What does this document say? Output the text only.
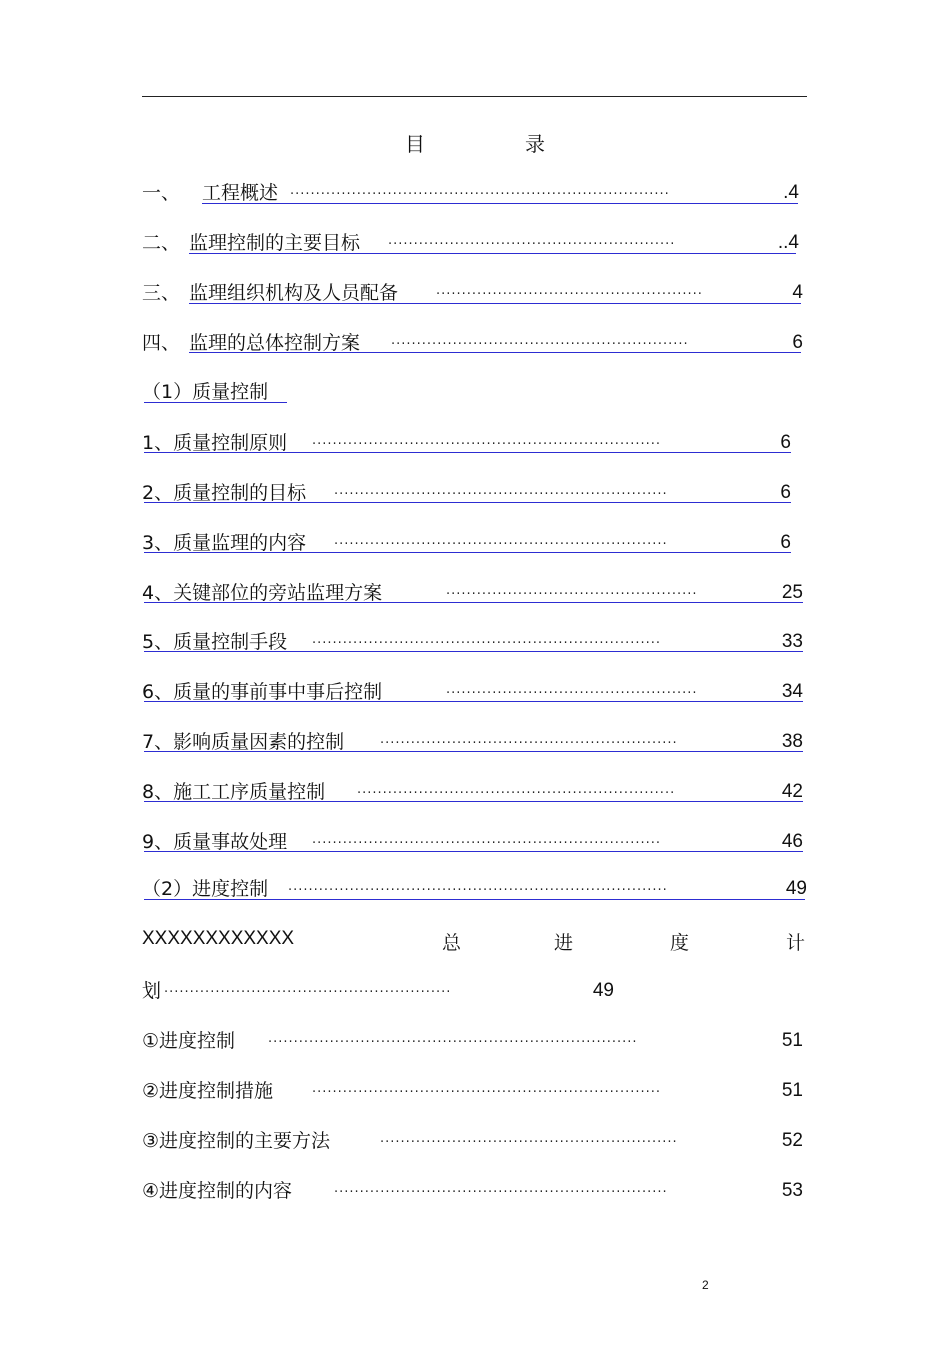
目　录
一、 工程概述 ··········································································	.4
二、 监理控制的主要目标 ························································	..4
三、 监理组织机构及人员配备	····················································	4
四、 监理的总体控制方案 ··························································	6
（1）质量控制
1、质量控制原则 ····································································	6
2、质量控制的目标 ·································································	6
3、质量监理的内容 ·································································	6
4、关键部位的旁站监理方案	·················································	25
5、质量控制手段 ····································································	33
6、质量的事前事中事后控制	·················································	34
7、影响质量因素的控制	··························································	38
8、施工工序质量控制 ······························································	42
9、质量事故处理 ····································································	46
（2）进度控制 ··········································································	49
XXXXXXXXXXXX	总	进	度	计
划 ························································	49
①进度控制	········································································	51
②进度控制措施	····································································	51
③进度控制的主要方法	··························································	52
④进度控制的内容	·································································	53
2
